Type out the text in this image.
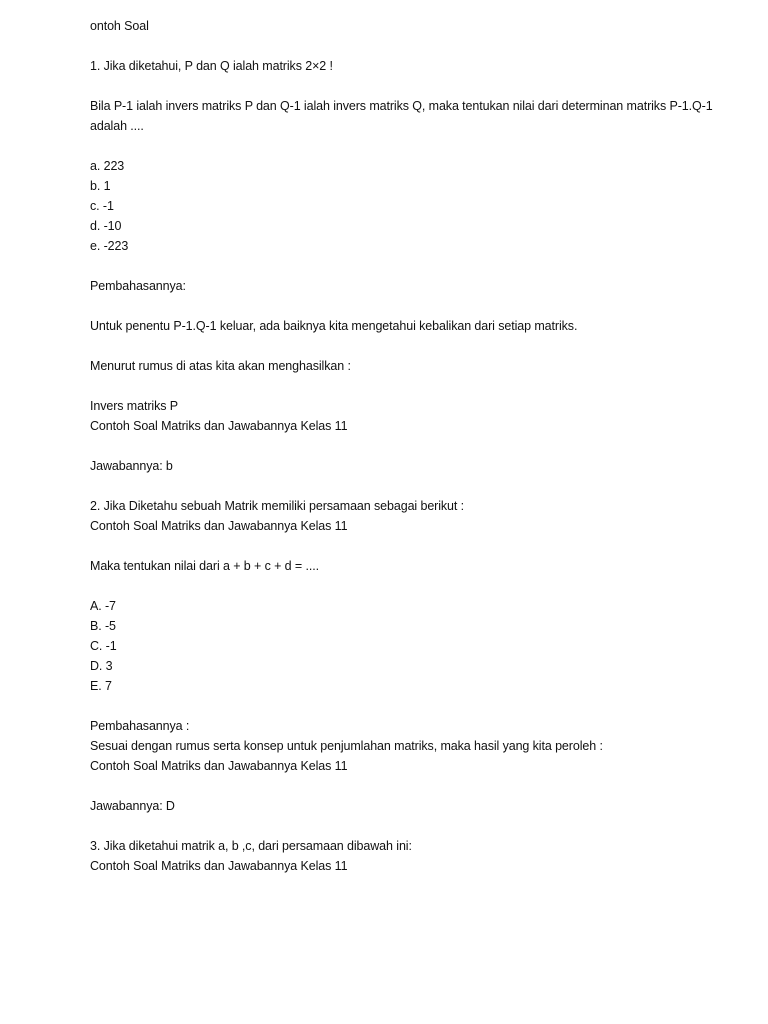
ontoh Soal
1. Jika diketahui, P dan Q ialah matriks 2×2 !
Bila P-1 ialah invers matriks P dan Q-1 ialah invers matriks Q, maka tentukan nilai dari determinan matriks P-1.Q-1 adalah ....
a. 223
b. 1
c. -1
d. -10
e. -223
Pembahasannya:
Untuk penentu P-1.Q-1 keluar, ada baiknya kita mengetahui kebalikan dari setiap matriks.
Menurut rumus di atas kita akan menghasilkan :
Invers matriks P
Contoh Soal Matriks dan Jawabannya Kelas 11
Jawabannya: b
2. Jika Diketahu sebuah Matrik memiliki persamaan sebagai berikut :
Contoh Soal Matriks dan Jawabannya Kelas 11
Maka tentukan nilai dari a + b + c + d = ....
A. -7
B. -5
C. -1
D. 3
E. 7
Pembahasannya :
Sesuai dengan rumus serta konsep untuk penjumlahan matriks, maka hasil yang kita peroleh :
Contoh Soal Matriks dan Jawabannya Kelas 11
Jawabannya: D
3. Jika diketahui matrik a, b ,c, dari persamaan dibawah ini:
Contoh Soal Matriks dan Jawabannya Kelas 11
